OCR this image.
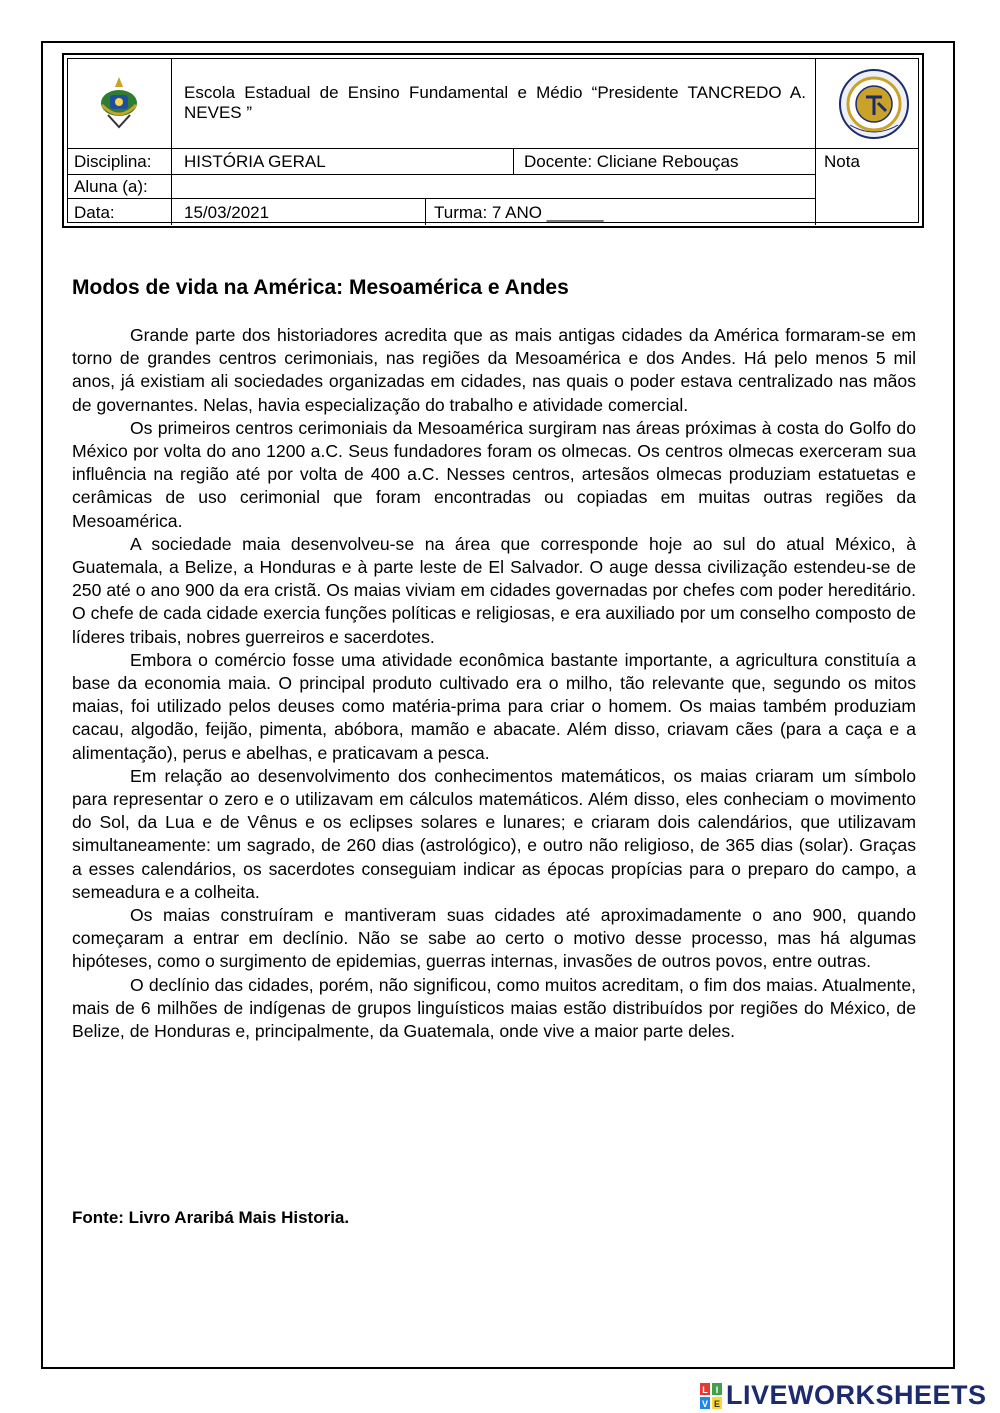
Escola Estadual de Ensino Fundamental e Médio “Presidente TANCREDO A. NEVES ”
Disciplina: HISTÓRIA GERAL	Docente: Cliciane Rebouças	Nota
Aluna (a):
Data:	15/03/2021	Turma: 7 ANO ______
Modos de vida na América: Mesoamérica e Andes

Grande parte dos historiadores acredita que as mais antigas cidades da América formaram-se em torno de grandes centros cerimoniais, nas regiões da Mesoamérica e dos Andes. Há pelo menos 5 mil anos, já existiam ali sociedades organizadas em cidades, nas quais o poder estava centralizado nas mãos de governantes. Nelas, havia especialização do trabalho e atividade comercial.

Os primeiros centros cerimoniais da Mesoamérica surgiram nas áreas próximas à costa do Golfo do México por volta do ano 1200 a.C. Seus fundadores foram os olmecas. Os centros olmecas exerceram sua influência na região até por volta de 400 a.C. Nesses centros, artesãos olmecas produziam estatuetas e cerâmicas de uso cerimonial que foram encontradas ou copiadas em muitas outras regiões da Mesoamérica.

A sociedade maia desenvolveu-se na área que corresponde hoje ao sul do atual México, à Guatemala, a Belize, a Honduras e à parte leste de El Salvador. O auge dessa civilização estendeu-se de 250 até o ano 900 da era cristã. Os maias viviam em cidades governadas por chefes com poder hereditário. O chefe de cada cidade exercia funções políticas e religiosas, e era auxiliado por um conselho composto de líderes tribais, nobres guerreiros e sacerdotes.

Embora o comércio fosse uma atividade econômica bastante importante, a agricultura constituía a base da economia maia. O principal produto cultivado era o milho, tão relevante que, segundo os mitos maias, foi utilizado pelos deuses como matéria-prima para criar o homem. Os maias também produziam cacau, algodão, feijão, pimenta, abóbora, mamão e abacate. Além disso, criavam cães (para a caça e a alimentação), perus e abelhas, e praticavam a pesca.

Em relação ao desenvolvimento dos conhecimentos matemáticos, os maias criaram um símbolo para representar o zero e o utilizavam em cálculos matemáticos. Além disso, eles conheciam o movimento do Sol, da Lua e de Vênus e os eclipses solares e lunares; e criaram dois calendários, que utilizavam simultaneamente: um sagrado, de 260 dias (astrológico), e outro não religioso, de 365 dias (solar). Graças a esses calendários, os sacerdotes conseguiam indicar as épocas propícias para o preparo do campo, a semeadura e a colheita.

Os maias construíram e mantiveram suas cidades até aproximadamente o ano 900, quando começaram a entrar em declínio. Não se sabe ao certo o motivo desse processo, mas há algumas hipóteses, como o surgimento de epidemias, guerras internas, invasões de outros povos, entre outras.

O declínio das cidades, porém, não significou, como muitos acreditam, o fim dos maias. Atualmente, mais de 6 milhões de indígenas de grupos linguísticos maias estão distribuídos por regiões do México, de Belize, de Honduras e, principalmente, da Guatemala, onde vive a maior parte deles.

Fonte: Livro Araribá Mais Historia.
L I
V E LIVEWORKSHEETS
